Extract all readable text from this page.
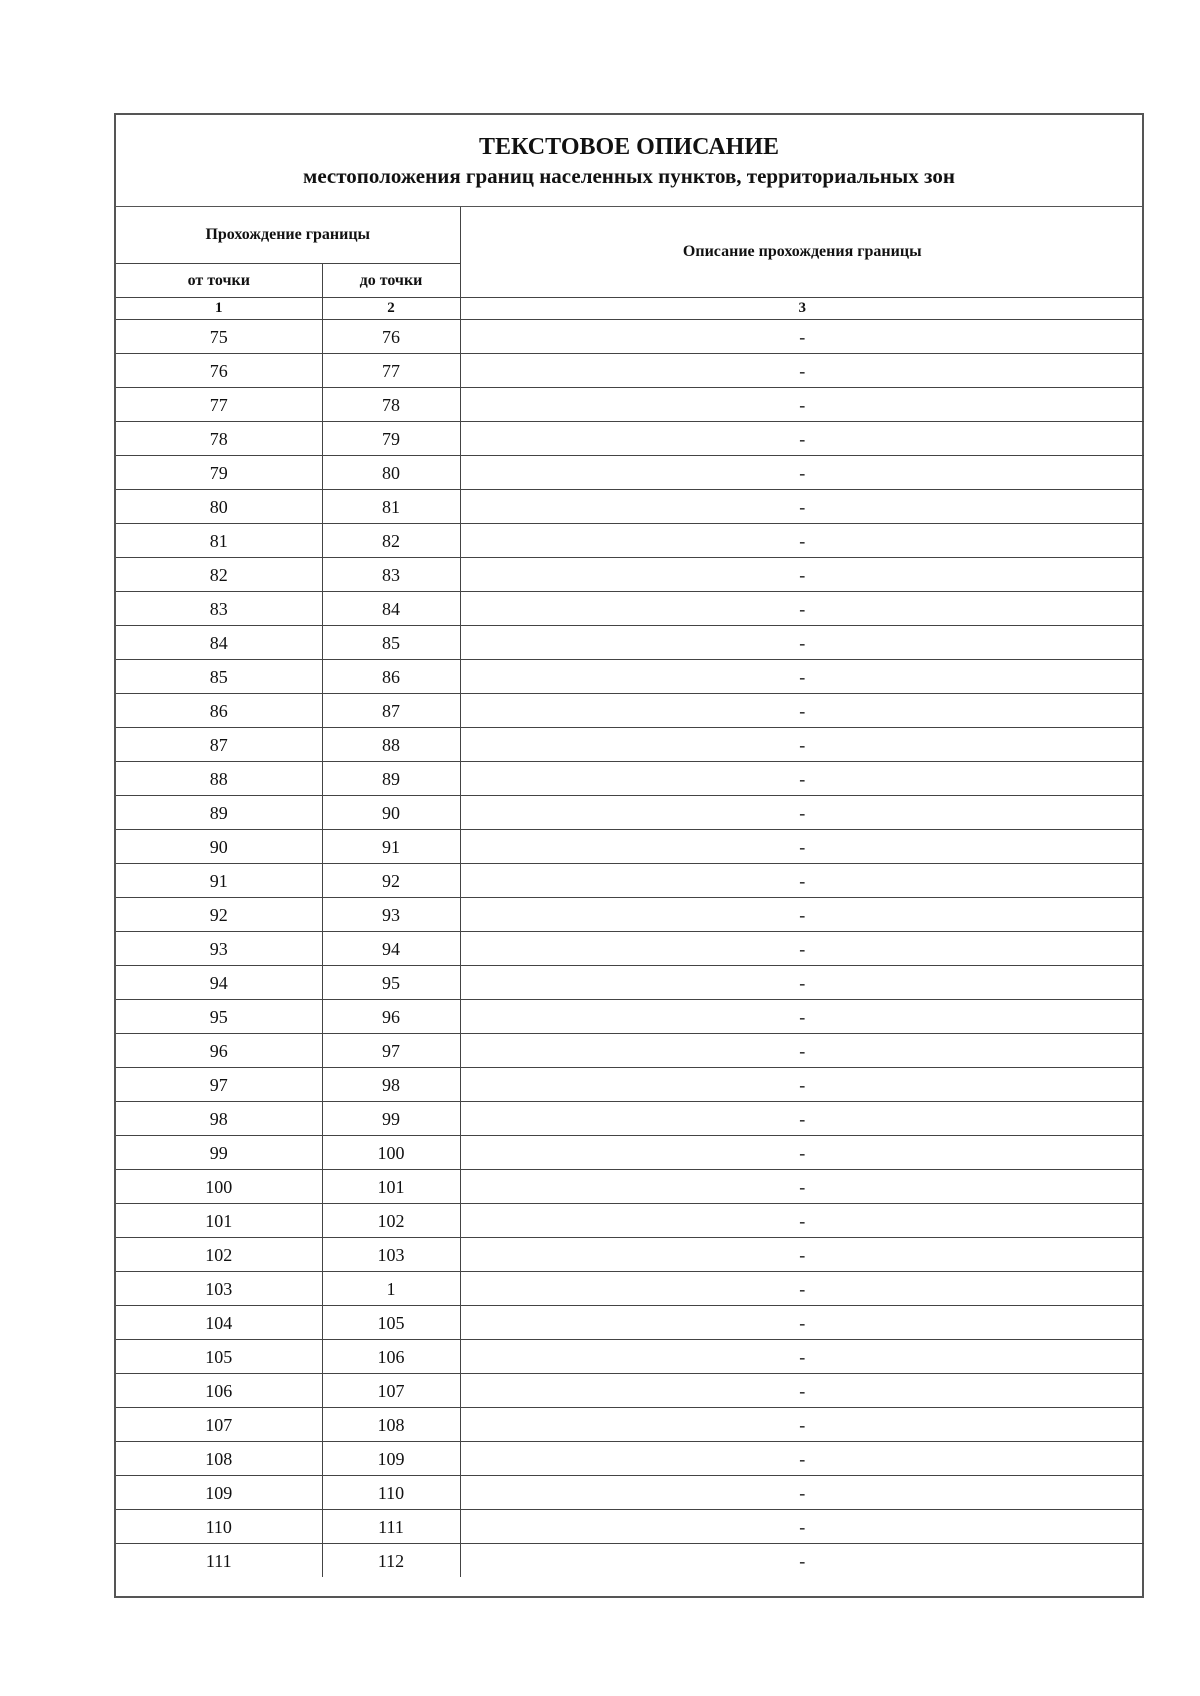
ТЕКСТОВОЕ ОПИСАНИЕ
местоположения границ населенных пунктов, территориальных зон
Прохождение границы		Описание прохождения границы
от точки	до точки	
1	2	3
75	76	-
76	77	-
77	78	-
78	79	-
79	80	-
80	81	-
81	82	-
82	83	-
83	84	-
84	85	-
85	86	-
86	87	-
87	88	-
88	89	-
89	90	-
90	91	-
91	92	-
92	93	-
93	94	-
94	95	-
95	96	-
96	97	-
97	98	-
98	99	-
99	100	-
100	101	-
101	102	-
102	103	-
103	1	-
104	105	-
105	106	-
106	107	-
107	108	-
108	109	-
109	110	-
110	111	-
111	112	-
